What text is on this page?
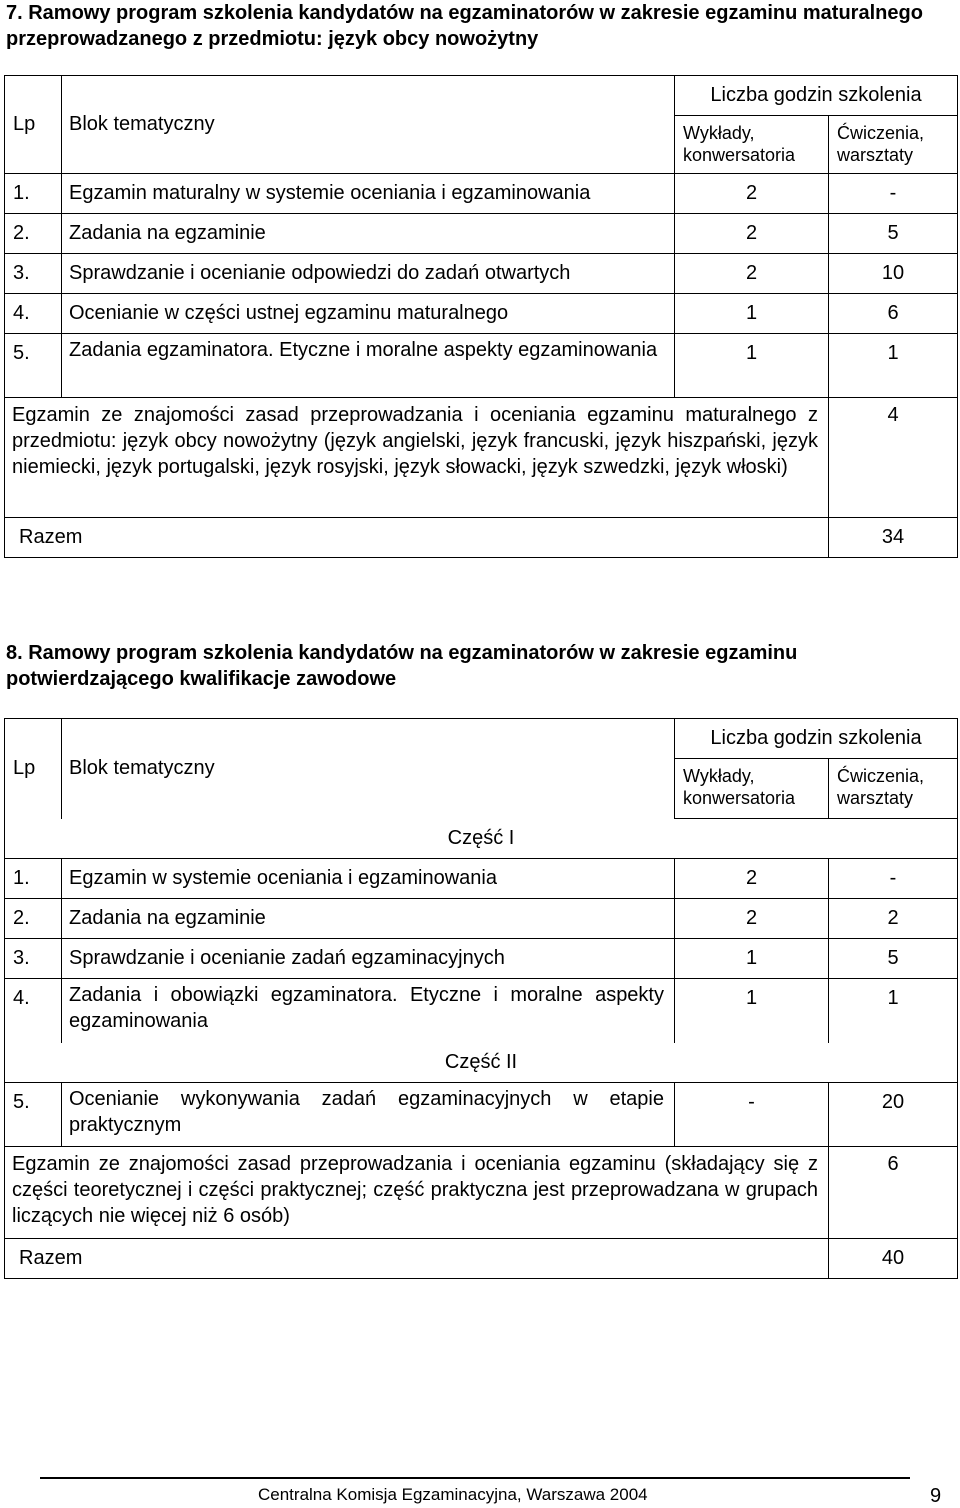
7. Ramowy program szkolenia kandydatów na egzaminatorów w zakresie egzaminu maturalnego przeprowadzanego z przedmiotu: język obcy nowożytny

Lp	Blok tematyczny	Liczba godzin szkolenia	
		Wykłady, konwersatoria	Ćwiczenia, warsztaty
1.	Egzamin maturalny w systemie oceniania i egzaminowania	2	-
2.	Zadania na egzaminie	2	5
3.	Sprawdzanie i ocenianie odpowiedzi do zadań otwartych	2	10
4.	Ocenianie w części ustnej egzaminu maturalnego	1	6
5.	Zadania egzaminatora. Etyczne i moralne aspekty egzaminowania	1	1
Egzamin ze znajomości zasad przeprowadzania i oceniania egzaminu maturalnego z przedmiotu: język obcy nowożytny (język angielski, język francuski, język hiszpański, język niemiecki, język portugalski, język rosyjski, język słowacki, język szwedzki, język włoski)			4
Razem			34

8. Ramowy program szkolenia kandydatów na egzaminatorów w zakresie egzaminu potwierdzającego kwalifikacje zawodowe

Lp	Blok tematyczny	Liczba godzin szkolenia	
		Wykłady, konwersatoria	Ćwiczenia, warsztaty
Część I			
1.	Egzamin w systemie oceniania i egzaminowania	2	-
2.	Zadania na egzaminie	2	2
3.	Sprawdzanie i ocenianie zadań egzaminacyjnych	1	5
4.	Zadania i obowiązki egzaminatora. Etyczne i moralne aspekty egzaminowania	1	1
Część II			
5.	Ocenianie wykonywania zadań egzaminacyjnych w etapie praktycznym	-	20
Egzamin ze znajomości zasad przeprowadzania i oceniania egzaminu (składający się z części teoretycznej i części praktycznej; część praktyczna jest przeprowadzana w grupach liczących nie więcej niż 6 osób)			6
Razem			40
Centralna Komisja Egzaminacyjna, Warszawa 2004	9
